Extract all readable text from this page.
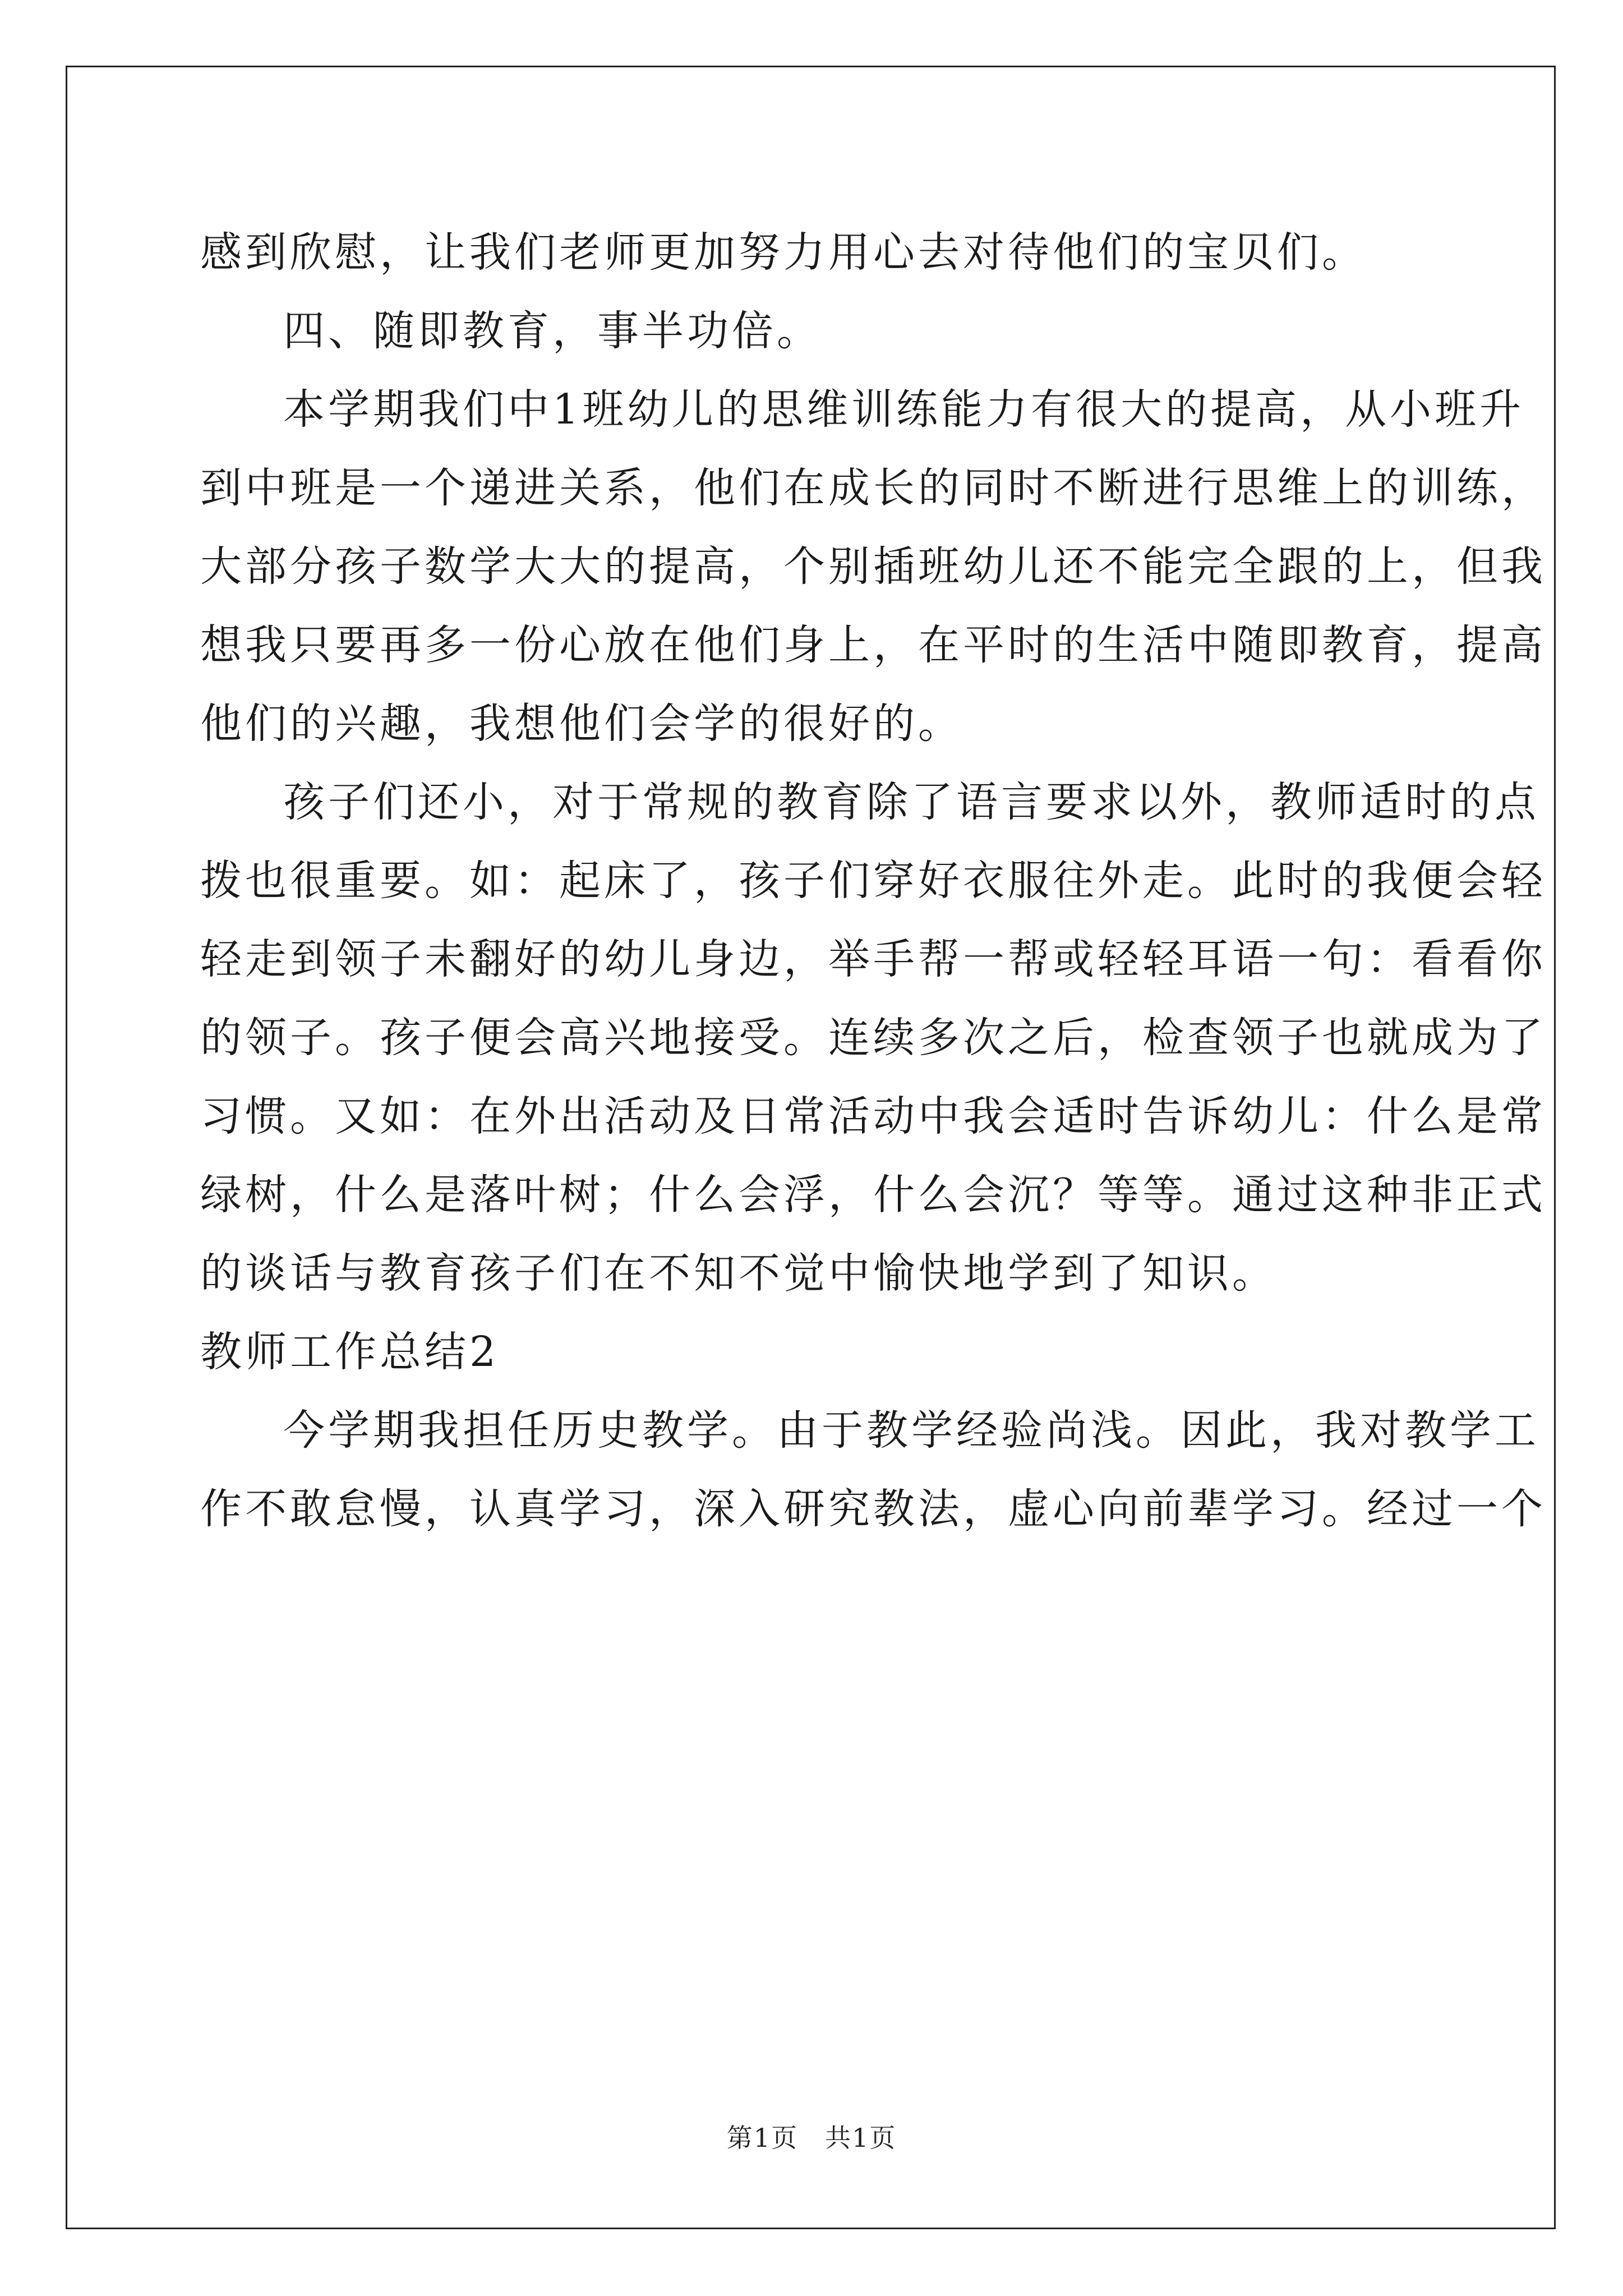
感到欣慰，让我们老师更加努力用心去对待他们的宝贝们。
四、随即教育，事半功倍。
本学期我们中1班幼儿的思维训练能力有很大的提高，从小班升
到中班是一个递进关系，他们在成长的同时不断进行思维上的训练，
大部分孩子数学大大的提高，个别插班幼儿还不能完全跟的上，但我
想我只要再多一份心放在他们身上，在平时的生活中随即教育，提高
他们的兴趣，我想他们会学的很好的。
孩子们还小，对于常规的教育除了语言要求以外，教师适时的点
拨也很重要。如：起床了，孩子们穿好衣服往外走。此时的我便会轻
轻走到领子未翻好的幼儿身边，举手帮一帮或轻轻耳语一句：看看你
的领子。孩子便会高兴地接受。连续多次之后，检查领子也就成为了
习惯。又如：在外出活动及日常活动中我会适时告诉幼儿：什么是常
绿树，什么是落叶树；什么会浮，什么会沉？等等。通过这种非正式
的谈话与教育孩子们在不知不觉中愉快地学到了知识。
教师工作总结2
今学期我担任历史教学。由于教学经验尚浅。因此，我对教学工
作不敢怠慢，认真学习，深入研究教法，虚心向前辈学习。经过一个
第1页　共1页
